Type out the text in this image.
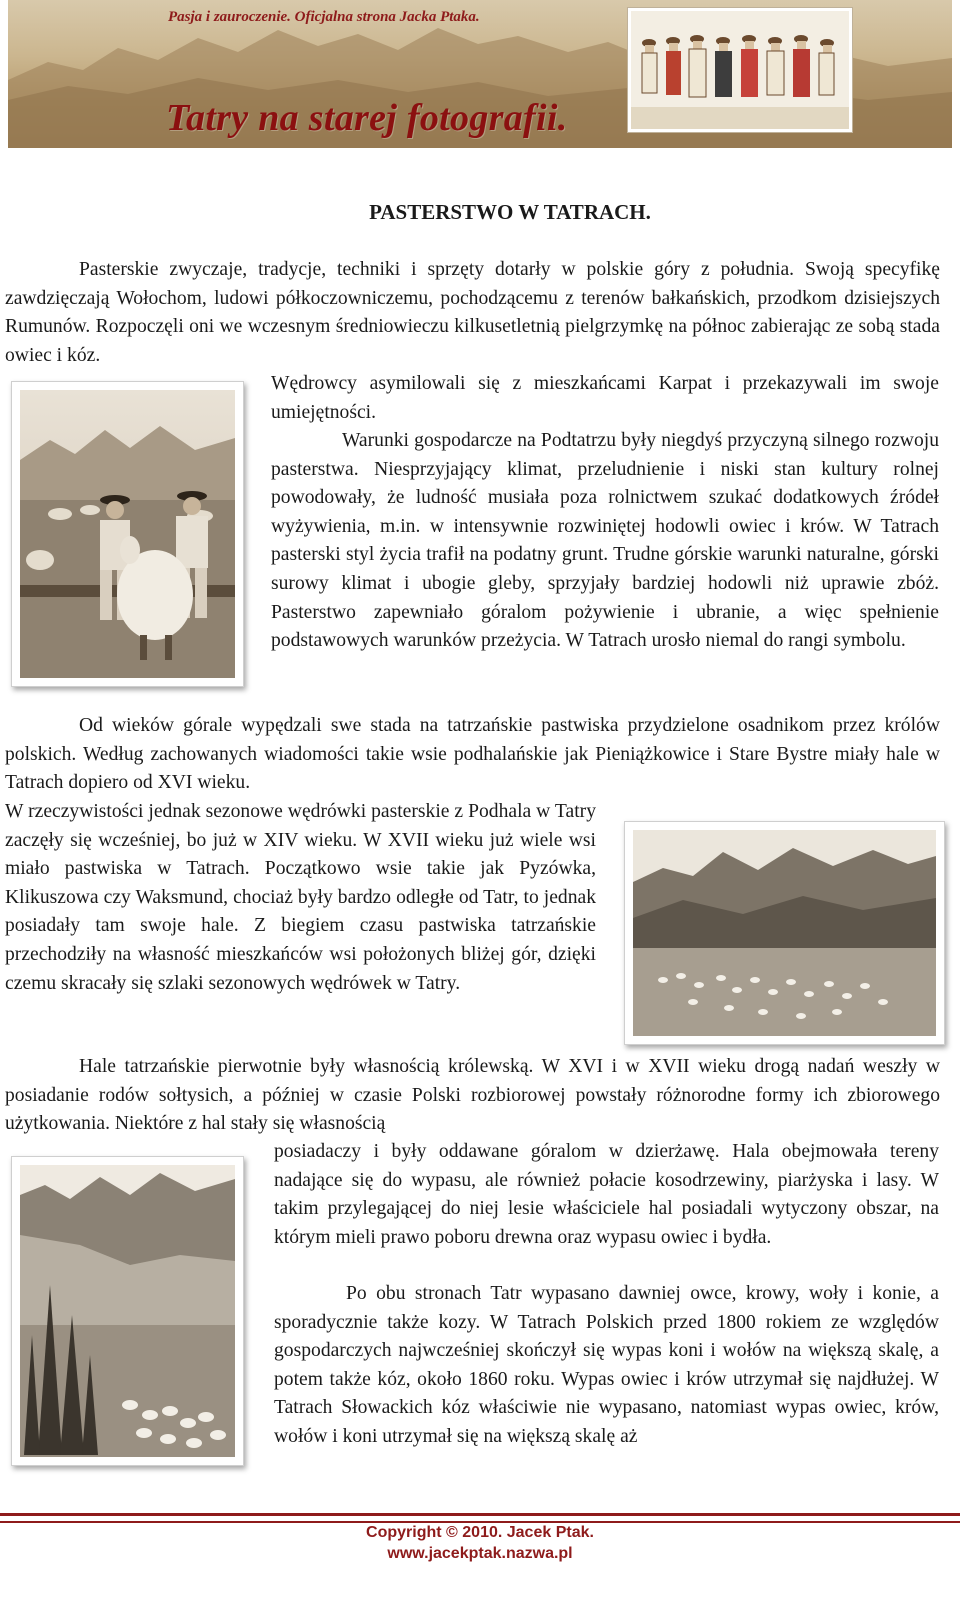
Pasja i zauroczenie. Oficjalna strona Jacka Ptaka.
Tatry na starej fotografii.
PASTERSTWO W TATRACH.

Pasterskie zwyczaje, tradycje, techniki i sprzęty dotarły w polskie góry z południa. Swoją specyfikę zawdzięczają Wołochom, ludowi półkoczowniczemu, pochodzącemu z terenów bałkańskich, przodkom dzisiejszych Rumunów. Rozpoczęli oni we wczesnym średniowieczu kilkusetletnią pielgrzymkę na północ zabierając ze sobą stada owiec i kóz.

Wędrowcy asymilowali się z mieszkańcami Karpat i przekazywali im swoje umiejętności.

Warunki gospodarcze na Podtatrzu były niegdyś przyczyną silnego rozwoju pasterstwa. Niesprzyjający klimat, przeludnienie i niski stan kultury rolnej powodowały, że ludność musiała poza rolnictwem szukać dodatkowych źródeł wyżywienia, m.in. w intensywnie rozwiniętej hodowli owiec i krów. W Tatrach pasterski styl życia trafił na podatny grunt. Trudne górskie warunki naturalne, górski surowy klimat i ubogie gleby, sprzyjały bardziej hodowli niż uprawie zbóż. Pasterstwo zapewniało góralom pożywienie i ubranie, a więc spełnienie podstawowych warunków przeżycia. W Tatrach urosło niemal do rangi symbolu.

Od wieków górale wypędzali swe stada na tatrzańskie pastwiska przydzielone osadnikom przez królów polskich. Według zachowanych wiadomości takie wsie podhalańskie jak Pieniążkowice i Stare Bystre miały hale w Tatrach dopiero od XVI wieku.

W rzeczywistości jednak sezonowe wędrówki pasterskie z Podhala w Tatry zaczęły się wcześniej, bo już w XIV wieku. W XVII wieku już wiele wsi miało pastwiska w Tatrach. Początkowo wsie takie jak Pyzówka, Klikuszowa czy Waksmund, chociaż były bardzo odległe od Tatr, to jednak posiadały tam swoje hale. Z biegiem czasu pastwiska tatrzańskie przechodziły na własność mieszkańców wsi położonych bliżej gór, dzięki czemu skracały się szlaki sezonowych wędrówek w Tatry.

Hale tatrzańskie pierwotnie były własnością królewską. W XVI i w XVII wieku drogą nadań weszły w posiadanie rodów sołtysich, a później w czasie Polski rozbiorowej powstały różnorodne formy ich zbiorowego użytkowania. Niektóre z hal stały się własnością

posiadaczy i były oddawane góralom w dzierżawę. Hala obejmowała tereny nadające się do wypasu, ale również połacie kosodrzewiny, piarżyska i lasy. W takim przylegającej do niej lesie właściciele hal posiadali wytyczony obszar, na którym mieli prawo poboru drewna oraz wypasu owiec i bydła.

Po obu stronach Tatr wypasano dawniej owce, krowy, woły i konie, a sporadycznie także kozy. W Tatrach Polskich przed 1800 rokiem ze względów gospodarczych najwcześniej skończył się wypas koni i wołów na większą skalę, a potem także kóz, około 1860 roku. Wypas owiec i krów utrzymał się najdłużej. W Tatrach Słowackich kóz właściwie nie wypasano, natomiast wypas owiec, krów, wołów i koni utrzymał się na większą skalę aż

Copyright © 2010. Jacek Ptak.
www.jacekptak.nazwa.pl
